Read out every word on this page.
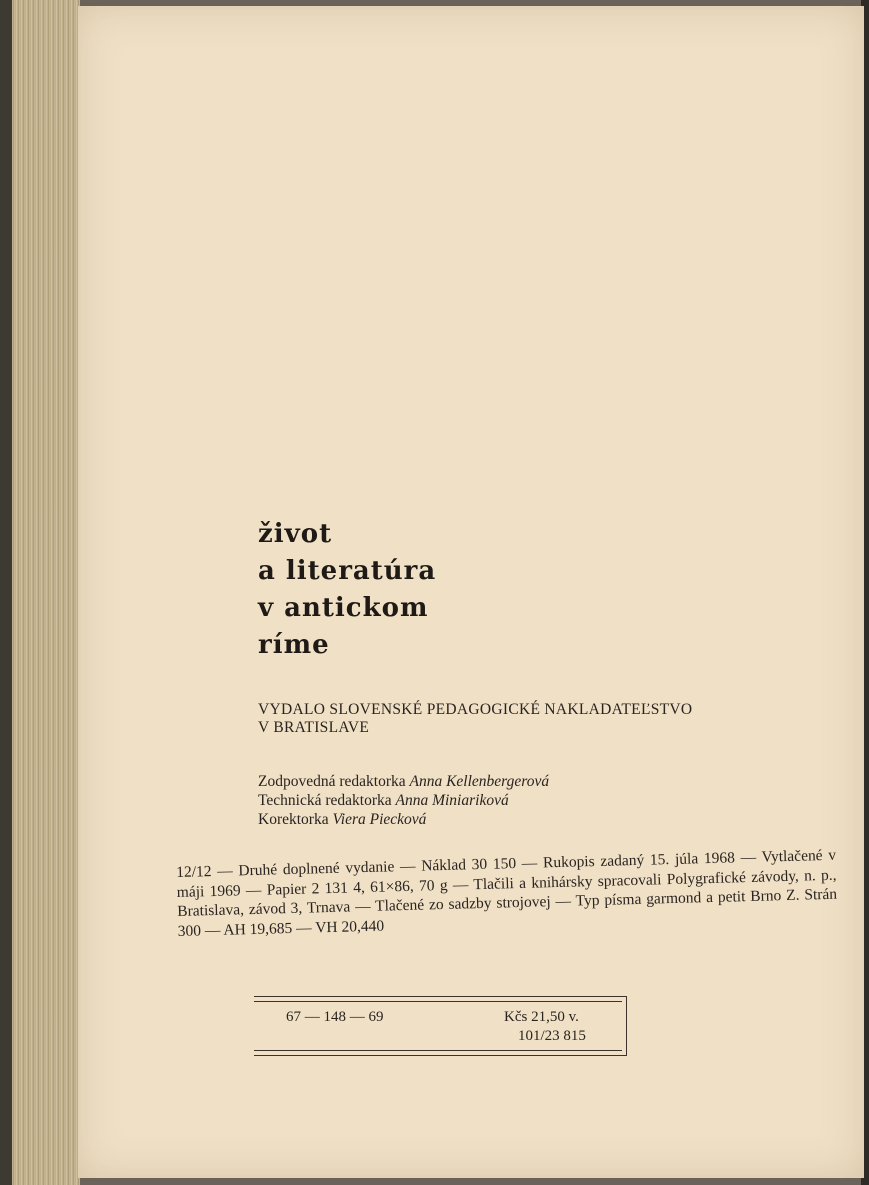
život
a literatúra
v antickom
ríme
VYDALO SLOVENSKÉ PEDAGOGICKÉ NAKLADATEĽSTVO
V BRATISLAVE
Zodpovedná redaktorka Anna Kellenbergerová
Technická redaktorka Anna Miniariková
Korektorka Viera Piecková
12/12 — Druhé doplnené vydanie — Náklad 30 150 — Rukopis zadaný 15. júla 1968 — Vytlačené v máji 1969 — Papier 2 131 4, 61×86, 70 g — Tlačili a knihársky spracovali Polygrafické závody, n. p., Bratislava, závod 3, Trnava — Tlačené zo sadzby strojovej — Typ písma garmond a petit Brno Z. Strán 300 — AH 19,685 — VH 20,440
67 — 148 — 69	Kčs 21,50 v.
101/23 815
